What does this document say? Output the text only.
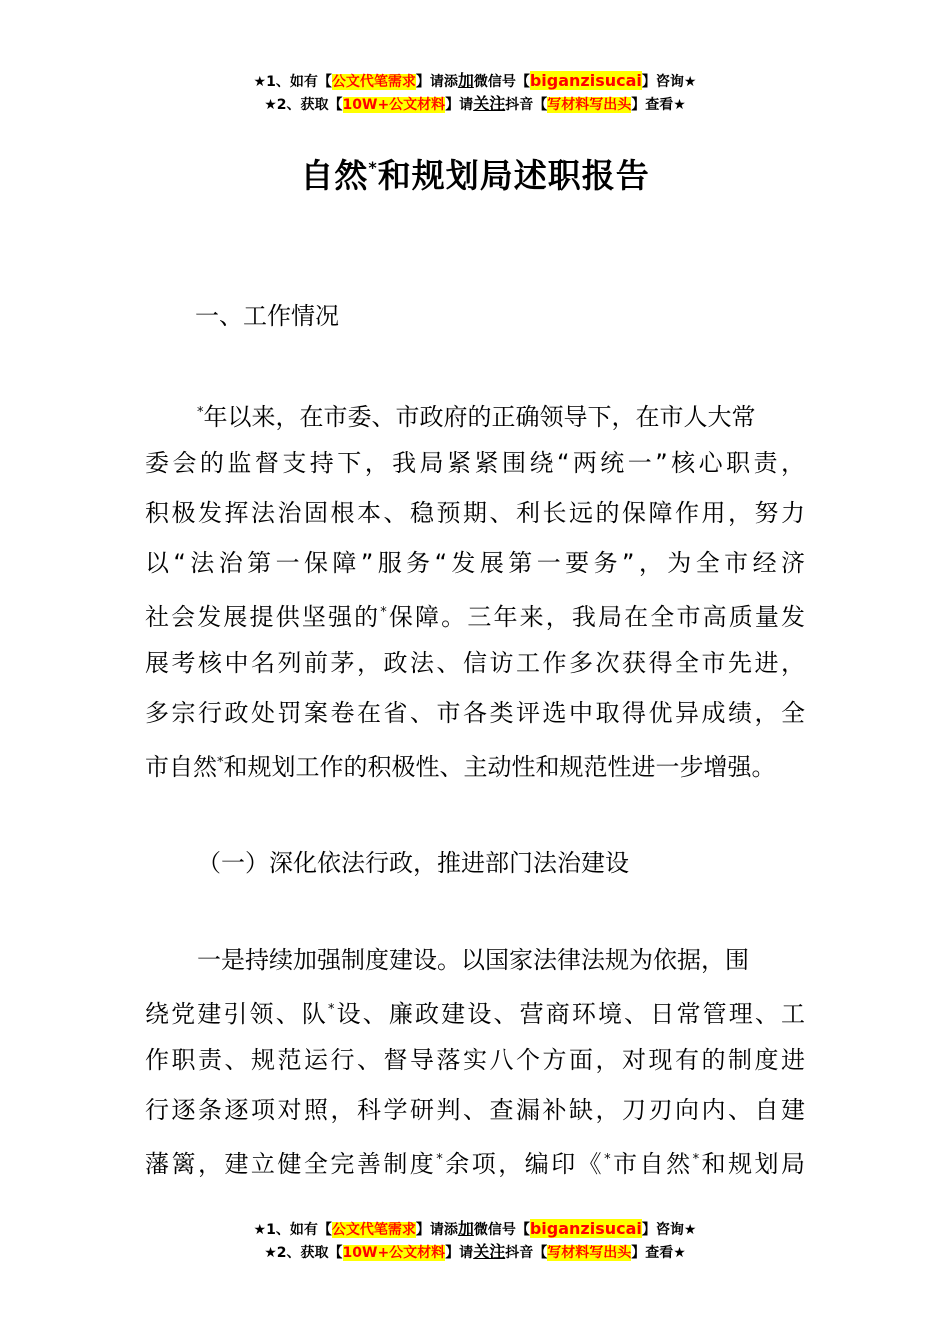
★1、如有【公文代笔需求】请添加微信号【biganzisucai】咨询★
★2、获取【10W+公文材料】请关注抖音【写材料写出头】查看★
自然*和规划局述职报告
一、工作情况
*年以来，在市委、市政府的正确领导下，在市人大常
委会的监督支持下，我局紧紧围绕“两统一”核心职责，
积极发挥法治固根本、稳预期、利长远的保障作用，努力
以“法治第一保障”服务“发展第一要务”，为全市经济
社会发展提供坚强的*保障。三年来，我局在全市高质量发
展考核中名列前茅，政法、信访工作多次获得全市先进，
多宗行政处罚案卷在省、市各类评选中取得优异成绩，全
市自然*和规划工作的积极性、主动性和规范性进一步增强。
（一）深化依法行政，推进部门法治建设
一是持续加强制度建设。以国家法律法规为依据，围
绕党建引领、队*设、廉政建设、营商环境、日常管理、工
作职责、规范运行、督导落实八个方面，对现有的制度进
行逐条逐项对照，科学研判、查漏补缺，刀刃向内、自建
藩篱，建立健全完善制度*余项，编印《*市自然*和规划局
★1、如有【公文代笔需求】请添加微信号【biganzisucai】咨询★
★2、获取【10W+公文材料】请关注抖音【写材料写出头】查看★
